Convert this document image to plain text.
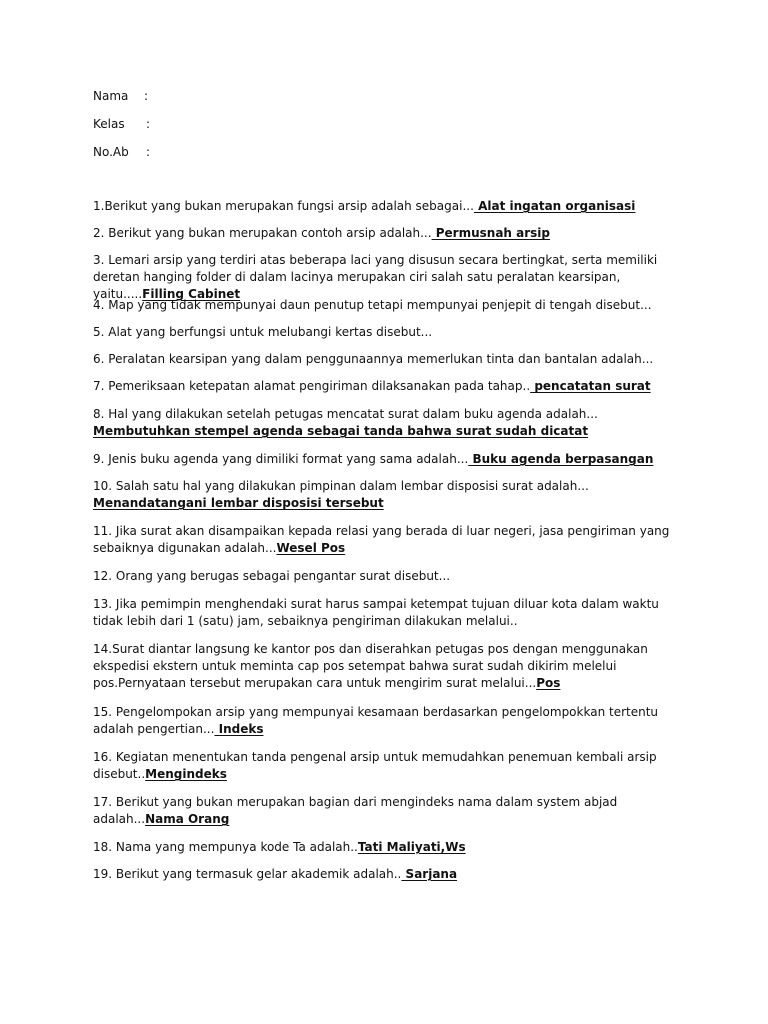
Nama :
Kelas :
No.Ab :
1.Berikut yang bukan merupakan fungsi arsip adalah sebagai... Alat ingatan organisasi
2. Berikut yang bukan merupakan contoh arsip adalah... Permusnah arsip
3. Lemari arsip yang terdiri atas beberapa laci yang disusun secara bertingkat, serta memiliki deretan hanging folder di dalam lacinya merupakan ciri salah satu peralatan kearsipan, yaitu.....Filling Cabinet
4. Map yang tidak mempunyai daun penutup tetapi mempunyai penjepit di tengah disebut...
5. Alat yang berfungsi untuk melubangi kertas disebut...
6. Peralatan kearsipan yang dalam penggunaannya memerlukan tinta dan bantalan adalah...
7. Pemeriksaan ketepatan alamat pengiriman dilaksanakan pada tahap.. pencatatan surat
8. Hal yang dilakukan setelah petugas mencatat surat dalam buku agenda adalah... Membutuhkan stempel agenda sebagai tanda bahwa surat sudah dicatat
9. Jenis buku agenda yang dimiliki format yang sama adalah... Buku agenda berpasangan
10. Salah satu hal yang dilakukan pimpinan dalam lembar disposisi surat adalah... Menandatangani lembar disposisi tersebut
11. Jika surat akan disampaikan kepada relasi yang berada di luar negeri, jasa pengiriman yang sebaiknya digunakan adalah...Wesel Pos
12. Orang yang berugas sebagai pengantar surat disebut...
13. Jika pemimpin menghendaki surat harus sampai ketempat tujuan diluar kota dalam waktu tidak lebih dari 1 (satu) jam, sebaiknya pengiriman dilakukan melalui..
14.Surat diantar langsung ke kantor pos dan diserahkan petugas pos dengan menggunakan ekspedisi ekstern untuk meminta cap pos setempat bahwa surat sudah dikirim melelui pos.Pernyataan tersebut merupakan cara untuk mengirim surat melalui...Pos
15. Pengelompokan arsip yang mempunyai kesamaan berdasarkan pengelompokkan tertentu adalah pengertian... Indeks
16. Kegiatan menentukan tanda pengenal arsip untuk memudahkan penemuan kembali arsip disebut..Mengindeks
17. Berikut yang bukan merupakan bagian dari mengindeks nama dalam system abjad adalah...Nama Orang
18. Nama yang mempunya kode Ta adalah..Tati Maliyati,Ws
19. Berikut yang termasuk gelar akademik adalah.. Sarjana
